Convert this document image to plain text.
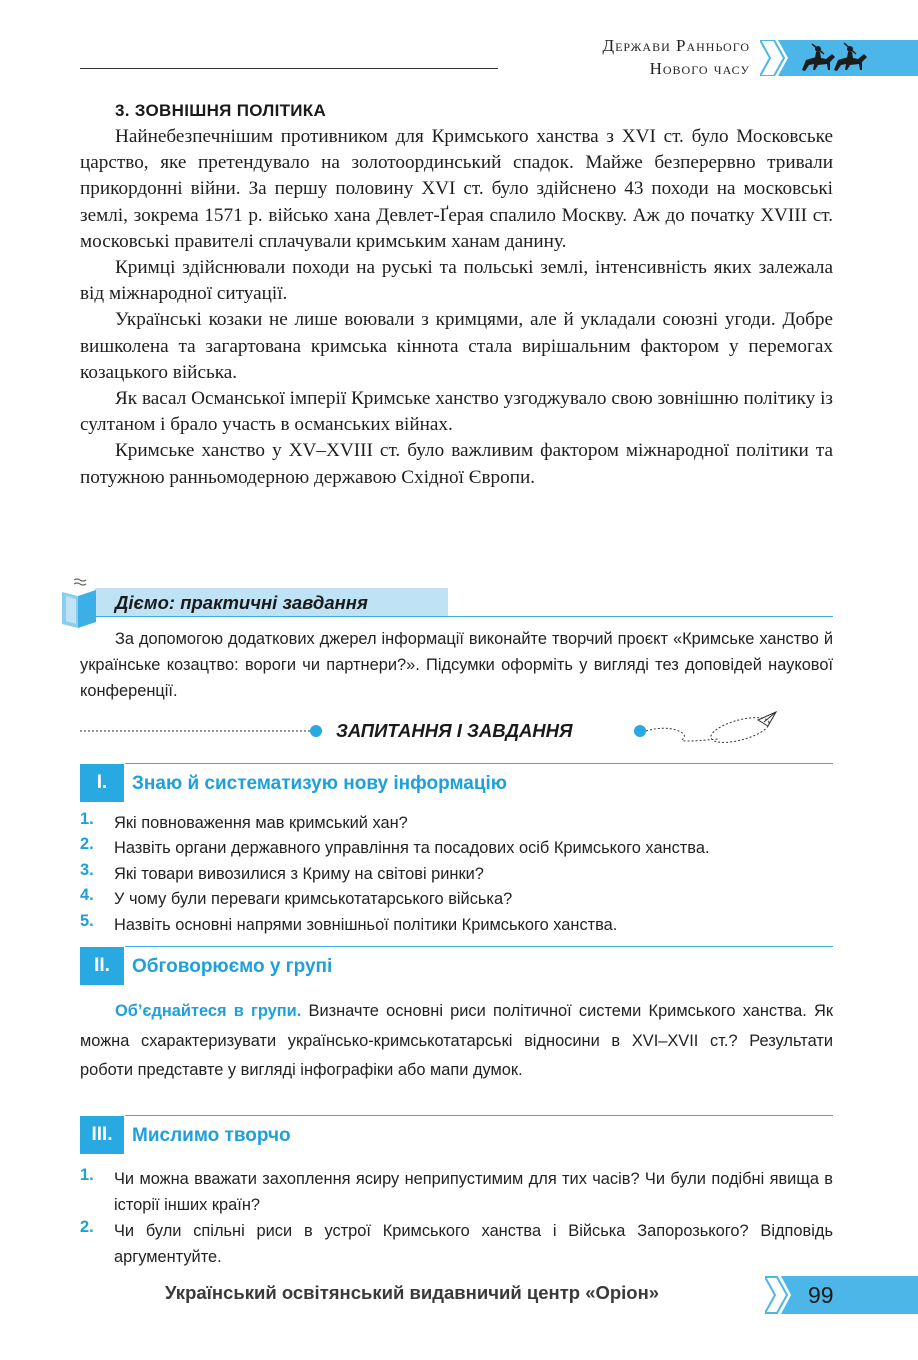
Держави Раннього
Нового часу
3. ЗОВНІШНЯ ПОЛІТИКА

Найнебезпечнішим противником для Кримського ханства з XVI ст. було Московське царство, яке претендувало на золотоординський спадок. Майже безперервно тривали прикордонні війни. За першу половину XVI ст. було здійснено 43 походи на московські землі, зокрема 1571 р. військо хана Девлет-Ґерая спалило Москву. Аж до початку XVIII ст. московські правителі сплачували кримським ханам данину.

Кримці здійснювали походи на руські та польські землі, інтенсивність яких залежала від міжнародної ситуації.

Українські козаки не лише воювали з кримцями, але й укладали союзні угоди. Добре вишколена та загартована кримська кіннота стала вирішальним фактором у перемогах козацького війська.

Як васал Османської імперії Кримське ханство узгоджувало свою зовнішню політику із султаном і брало участь в османських війнах.

Кримське ханство у XV–XVIII ст. було важливим фактором міжнародної політики та потужною ранньомодерною державою Східної Європи.

Діємо: практичні завдання

За допомогою додаткових джерел інформації виконайте творчий проєкт «Кримське ханство й українське козацтво: вороги чи партнери?». Підсумки оформіть у вигляді тез доповідей наукової конференції.

ЗАПИТАННЯ І ЗАВДАННЯ
I.	Знаю й систематизую нову інформацію
1.	Які повноваження мав кримський хан?
2.	Назвіть органи державного управління та посадових осіб Кримського ханства.
3.	Які товари вивозилися з Криму на світові ринки?
4.	У чому були переваги кримськотатарського війська?
5.	Назвіть основні напрями зовнішньої політики Кримського ханства.
II.	Обговорюємо у групі

Об’єднайтеся в групи. Визначте основні риси політичної системи Кримського ханства. Як можна схарактеризувати українсько-кримськотатарські відносини в XVI–XVII ст.? Результати роботи представте у вигляді інфографіки або мапи думок.

III.	Мислимо творчо
1.	Чи можна вважати захоплення ясиру неприпустимим для тих часів? Чи були подібні явища в історії інших країн?
2.	Чи були спільні риси в устрої Кримського ханства і Війська Запорозького? Відповідь аргументуйте.
Український освітянський видавничий центр «Оріон»	99
